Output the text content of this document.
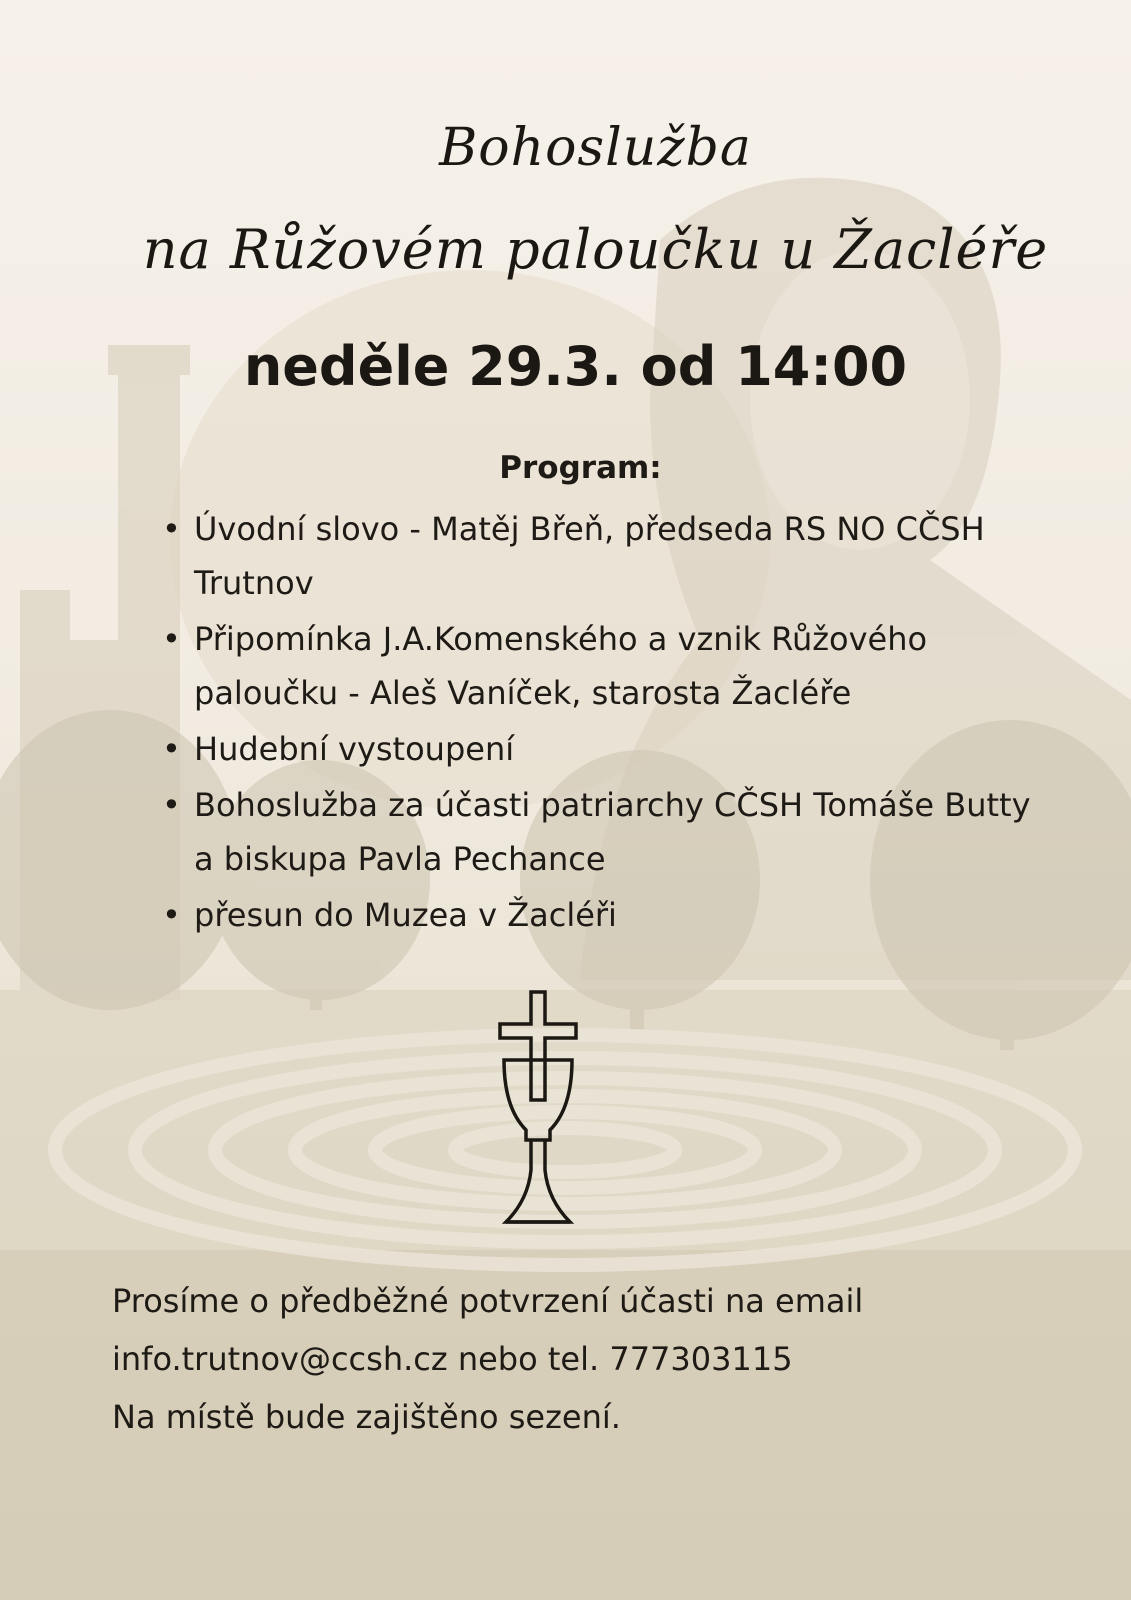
Bohoslužba
na Růžovém paloučku u Žacléře
neděle 29.3. od 14:00
Program:
• Úvodní slovo - Matěj Břeň, předseda RS NO CČSH Trutnov
• Připomínka J.A.Komenského a vznik Růžového paloučku - Aleš Vaníček, starosta Žacléře
• Hudební vystoupení
• Bohoslužba za účasti patriarchy CČSH Tomáše Butty a biskupa Pavla Pechance
• přesun do Muzea v Žacléři

Prosíme o předběžné potvrzení účasti na email

info.trutnov@ccsh.cz nebo tel. 777303115

Na místě bude zajištěno sezení.
